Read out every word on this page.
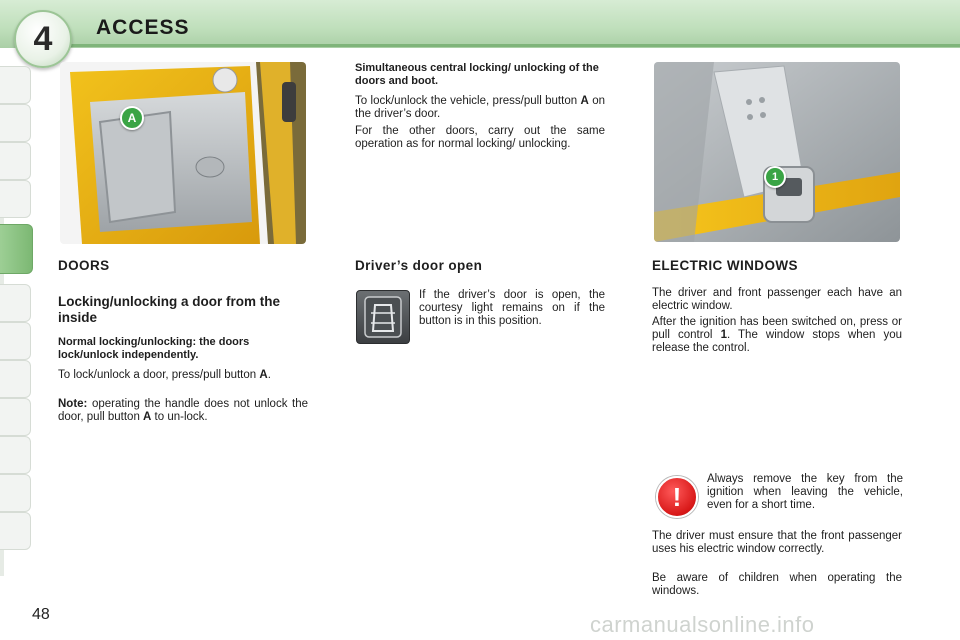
4	ACCESS
A
1
DOORS
Locking/unlocking a door from the inside
Normal locking/unlocking: the doors lock/unlock independently.
To lock/unlock a door, press/pull button A.
Note: operating the handle does not unlock the door, pull button A to un-lock.
Simultaneous central locking/ unlocking of the doors and boot.
To lock/unlock the vehicle, press/pull button A on the driver’s door.
For the other doors, carry out the same operation as for normal locking/ unlocking.
Driver’s door open
If the driver’s door is open, the courtesy light remains on if the button is in this position.
ELECTRIC WINDOWS
The driver and front passenger each have an electric window.
After the ignition has been switched on, press or pull control 1. The window stops when you release the control.
!
Always remove the key from the ignition when leaving the vehicle, even for a short time.
The driver must ensure that the front passenger uses his electric window correctly.
Be aware of children when operating the windows.
48	carmanualsonline.info
